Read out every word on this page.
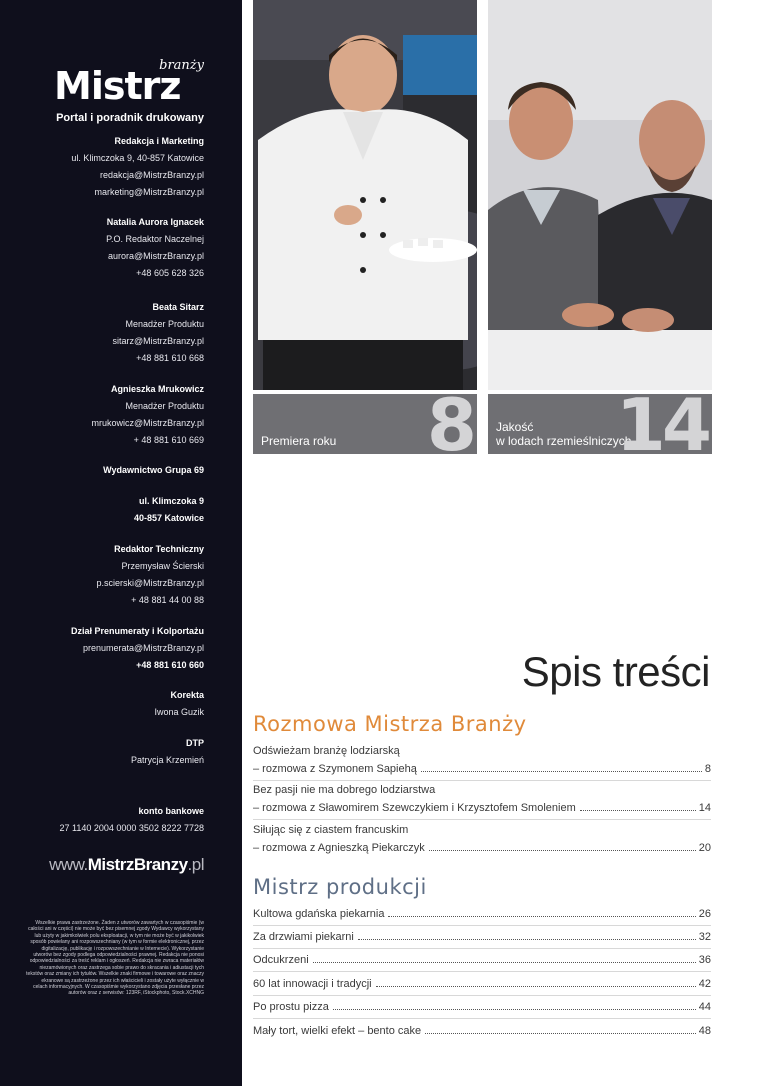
branży
Mistrz
Portal i poradnik drukowany
Redakcja i Marketing
ul. Klimczoka 9, 40-857 Katowice
redakcja@MistrzBranzy.pl
marketing@MistrzBranzy.pl
Natalia Aurora Ignacek
P.O. Redaktor Naczelnej
aurora@MistrzBranzy.pl
+48 605 628 326
Beata Sitarz
Menadżer Produktu
sitarz@MistrzBranzy.pl
+48 881 610 668
Agnieszka Mrukowicz
Menadżer Produktu
mrukowicz@MistrzBranzy.pl
+ 48 881 610 669
Wydawnictwo Grupa 69
ul. Klimczoka 9
40-857 Katowice
Redaktor Techniczny
Przemysław Ścierski
p.scierski@MistrzBranzy.pl
+ 48 881 44 00 88
Dział Prenumeraty i Kolportażu
prenumerata@MistrzBranzy.pl
+48 881 610 660
Korekta
Iwona Guzik
DTP
Patrycja Krzemień
konto bankowe
27 1140 2004 0000 3502 8222 7728
www.MistrzBranzy.pl
Wszelkie prawa zastrzeżone. Żaden z utworów zawartych w czasopiśmie (w całości ani w części) nie może być bez pisemnej zgody Wydawcy wykorzystany lub użyty w jakimkolwiek polu eksploatacji, w tym nie może być w jakikolwiek sposób powielany ani rozpowszechniany (w tym w formie elektronicznej, przez digitalizację, publikację i rozpowszechnianie w Internecie). Wykorzystanie utworów bez zgody podlega odpowiedzialności prawnej. Redakcja nie ponosi odpowiedzialności za treść reklam i ogłoszeń. Redakcja nie zwraca materiałów niezamówionych oraz zastrzega sobie prawo do skracania i adiustacji tych tekstów oraz zmiany ich tytułów. Wszelkie znaki firmowe i towarowe oraz znaczy ekranowe są zastrzeżone przez ich właścicieli i zostały użyte wyłącznie w celach informacyjnych. W czasopiśmie wykorzystano zdjęcia przesłane przez autorów oraz z serwisów: 123RF, iStockphoto, Stock.XCHNG
Premiera roku 8 Jakość
w lodach rzemieślniczych
14
Spis treści
Rozmowa Mistrza Branży
Odświeżam branżę lodziarską
– rozmowa z Szymonem Sapiehą	8
Bez pasji nie ma dobrego lodziarstwa
– rozmowa z Sławomirem Szewczykiem i Krzysztofem Smoleniem	14
Siłując się z ciastem francuskim
– rozmowa z Agnieszką Piekarczyk	20
Mistrz produkcji
Kultowa gdańska piekarnia	26
Za drzwiami piekarni	32
Odcukrzeni	36
60 lat innowacji i tradycji	42
Po prostu pizza	44
Mały tort, wielki efekt – bento cake	48
